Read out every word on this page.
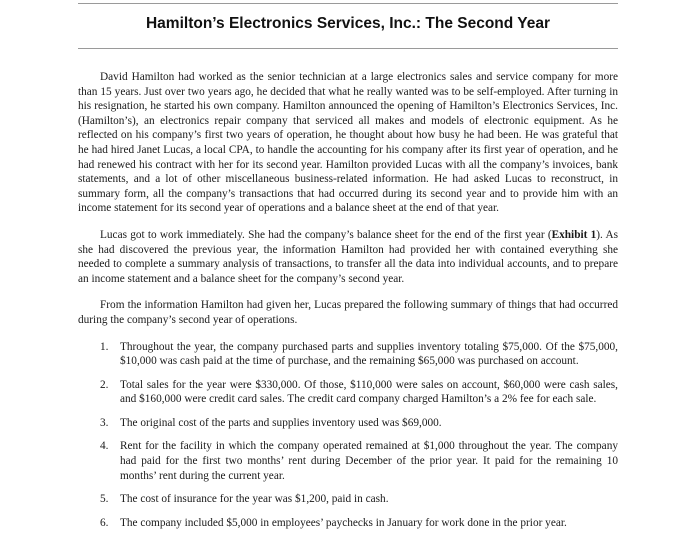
Hamilton’s Electronics Services, Inc.: The Second Year

David Hamilton had worked as the senior technician at a large electronics sales and service company for more than 15 years. Just over two years ago, he decided that what he really wanted was to be self-employed. After turning in his resignation, he started his own company. Hamilton announced the opening of Hamilton’s Electronics Services, Inc. (Hamilton’s), an electronics repair company that serviced all makes and models of electronic equipment. As he reflected on his company’s first two years of operation, he thought about how busy he had been. He was grateful that he had hired Janet Lucas, a local CPA, to handle the accounting for his company after its first year of operation, and he had renewed his contract with her for its second year. Hamilton provided Lucas with all the company’s invoices, bank statements, and a lot of other miscellaneous business-related information. He had asked Lucas to reconstruct, in summary form, all the company’s transactions that had occurred during its second year and to provide him with an income statement for its second year of operations and a balance sheet at the end of that year.

Lucas got to work immediately. She had the company’s balance sheet for the end of the first year (Exhibit 1). As she had discovered the previous year, the information Hamilton had provided her with contained everything she needed to complete a summary analysis of transactions, to transfer all the data into individual accounts, and to prepare an income statement and a balance sheet for the company’s second year.

From the information Hamilton had given her, Lucas prepared the following summary of things that had occurred during the company’s second year of operations.

1. Throughout the year, the company purchased parts and supplies inventory totaling $75,000. Of the $75,000, $10,000 was cash paid at the time of purchase, and the remaining $65,000 was purchased on account.
2. Total sales for the year were $330,000. Of those, $110,000 were sales on account, $60,000 were cash sales, and $160,000 were credit card sales. The credit card company charged Hamilton’s a 2% fee for each sale.
3. The original cost of the parts and supplies inventory used was $69,000.
4. Rent for the facility in which the company operated remained at $1,000 throughout the year. The company had paid for the first two months’ rent during December of the prior year. It paid for the remaining 10 months’ rent during the current year.
5. The cost of insurance for the year was $1,200, paid in cash.
6. The company included $5,000 in employees’ paychecks in January for work done in the prior year.
